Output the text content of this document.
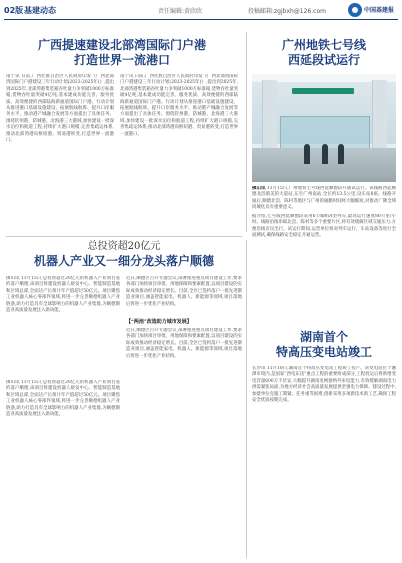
02版 基建动态	责任编辑:黄欣欣	投稿邮箱:zgjbxh@126.com	中国基建报
广西提速建设北部湾国际门户港
打造世界一流港口
南宁讯 日前,广西壮族自治区人民政府印发《广西北部湾国际门户港建设三年行动计划(2023-2025年)》,提出到2025年,北部湾港集装箱吞吐量力争突破1000万标准箱,货物吞吐量突破4亿吨,基本建成功能完善、服务优质、高效便捷的西部陆海新通道国际门户港。行动计划从推进港口基础设施建设、拓展航线航班、提升口岸服务水平、推动港产城融合发展等方面提出了具体任务。围绕钦州港、防城港、北海港三大港域,加快建设一批深水泊位和航道工程,持续扩大港口规模,完善集疏运体系,推动北部湾港向枢纽港、贸易港转变,打造世界一流港口。
南宁讯 日前,广西壮族自治区人民政府印发《广西北部湾国际门户港建设三年行动计划(2023-2025年)》,提出到2025年,北部湾港集装箱吞吐量力争突破1000万标准箱,货物吞吐量突破4亿吨,基本建成功能完善、服务优质、高效便捷的西部陆海新通道国际门户港。行动计划从推进港口基础设施建设、拓展航线航班、提升口岸服务水平、推动港产城融合发展等方面提出了具体任务。围绕钦州港、防城港、北海港三大港域,加快建设一批深水泊位和航道工程,持续扩大港口规模,完善集疏运体系,推动北部湾港向枢纽港、贸易港转变,打造世界一流港口。
广州地铁七号线
西延段试运行
佛山讯 11月15日,广州地铁七号线西延顺德段开通试运行。该线路西起顺德北滘镇美的大道站,东至广州南站,全长约13.5公里,设车站8座。线路开通后,顺德北滘、陈村等地区与广州的通勤时间将大幅缩短,对推动广佛全域同城化具有重要意义。
据介绍,七号线西延顺德段采用6节编组A型列车,最高运行速度80公里/小时。线路沿线串联北滘、陈村等多个重要片区,将有效缓解区域交通压力,方便沿线市民出行。试运行期间,运营单位将对列车运行、车站设备等进行全面测试,确保线路安全稳定开通运营。
总投资超20亿元
机器人产业又一细分龙头落户顺德
佛山讯 11月15日,总投资超过20亿元的机器人产业项目签约落户顺德,该项目将建设机器人研发中心、智能制造基地和区域总部,全面达产后预计年产值超过50亿元。项目聚焦工业机器人核心零部件领域,将进一步完善顺德机器人产业链条,助力打造具有全球影响力的机器人产业集群,为顺德制造业高质量发展注入新动能。
近日,顺德区召开专题会议,部署推进重点项目建设工作,要求各部门加快项目审批、用地保障和要素配置,以项目建设的实际成效推动经济稳定增长。目前,全区已签约落户一批先进制造业项目,涵盖智能家电、机器人、新能源等领域,项目落地后将进一步优化产业结构。
【“两池”改造助力城市发展】
近日,顺德区召开专题会议,部署推进重点项目建设工作,要求各部门加快项目审批、用地保障和要素配置,以项目建设的实际成效推动经济稳定增长。目前,全区已签约落户一批先进制造业项目,涵盖智能家电、机器人、新能源等领域,项目落地后将进一步优化产业结构。
佛山讯 11月15日,总投资超过20亿元的机器人产业项目签约落户顺德,该项目将建设机器人研发中心、智能制造基地和区域总部,全面达产后预计年产值超过50亿元。项目聚焦工业机器人核心零部件领域,将进一步完善顺德机器人产业链条,助力打造具有全球影响力的机器人产业集群,为顺德制造业高质量发展注入新动能。
湖南首个
特高压变电站竣工
长沙讯 11月10日,湖南首个特高压变电站工程竣工投产。该变电站位于湘潭市境内,是国家“西电东送”重点工程的重要组成部分,工程投运后将新增变电容量600万千伏安,大幅提升湖南电网接纳外来电能力,有效缓解湖南电力供需紧张局面,为地方经济社会高质量发展提供坚强电力保障。建设过程中,参建单位克服工期紧、任务重等困难,创新采用多项新技术新工艺,确保工程安全优质按期完成。
